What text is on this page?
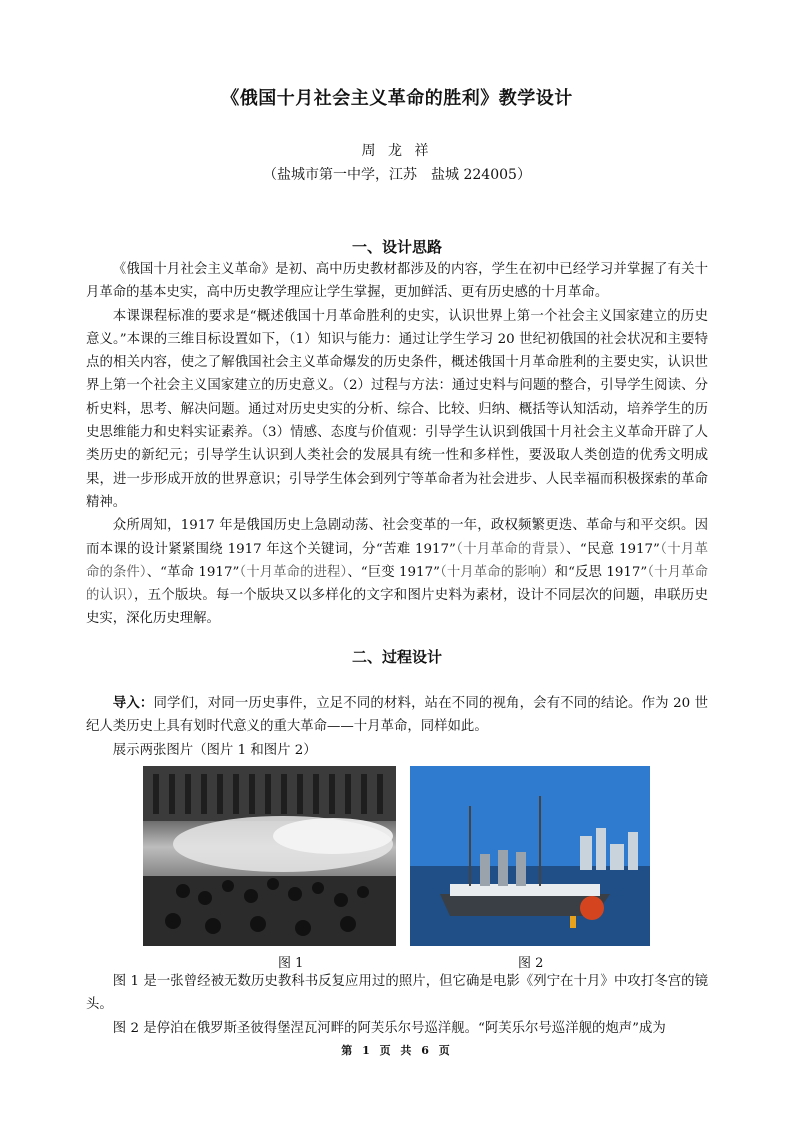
《俄国十月社会主义革命的胜利》教学设计
周 龙 祥
（盐城市第一中学，江苏　盐城 224005）
一、设计思路

《俄国十月社会主义革命》是初、高中历史教材都涉及的内容，学生在初中已经学习并掌握了有关十月革命的基本史实，高中历史教学理应让学生掌握，更加鲜活、更有历史感的十月革命。

本课课程标准的要求是“概述俄国十月革命胜利的史实，认识世界上第一个社会主义国家建立的历史意义。”本课的三维目标设置如下，（1）知识与能力：通过让学生学习 20 世纪初俄国的社会状况和主要特点的相关内容，使之了解俄国社会主义革命爆发的历史条件，概述俄国十月革命胜利的主要史实，认识世界上第一个社会主义国家建立的历史意义。（2）过程与方法：通过史料与问题的整合，引导学生阅读、分析史料，思考、解决问题。通过对历史史实的分析、综合、比较、归纳、概括等认知活动，培养学生的历史思维能力和史料实证素养。（3）情感、态度与价值观：引导学生认识到俄国十月社会主义革命开辟了人类历史的新纪元；引导学生认识到人类社会的发展具有统一性和多样性，要汲取人类创造的优秀文明成果，进一步形成开放的世界意识；引导学生体会到列宁等革命者为社会进步、人民幸福而积极探索的革命精神。

众所周知，1917 年是俄国历史上急剧动荡、社会变革的一年，政权频繁更迭、革命与和平交织。因而本课的设计紧紧围绕 1917 年这个关键词，分“苦难 1917”（十月革命的背景）、“民意 1917”（十月革命的条件）、“革命 1917”（十月革命的进程）、“巨变 1917”（十月革命的影响）和“反思 1917”（十月革命的认识），五个版块。每一个版块又以多样化的文字和图片史料为素材，设计不同层次的问题，串联历史史实，深化历史理解。

二、过程设计

导入：同学们，对同一历史事件，立足不同的材料，站在不同的视角，会有不同的结论。作为 20 世纪人类历史上具有划时代意义的重大革命——十月革命，同样如此。

展示两张图片（图片 1 和图片 2）

图 1	图 2

图 1 是一张曾经被无数历史教科书反复应用过的照片，但它确是电影《列宁在十月》中攻打冬宫的镜头。

图 2 是停泊在俄罗斯圣彼得堡涅瓦河畔的阿芙乐尔号巡洋舰。“阿芙乐尔号巡洋舰的炮声”成为

第 1 页 共 6 页
